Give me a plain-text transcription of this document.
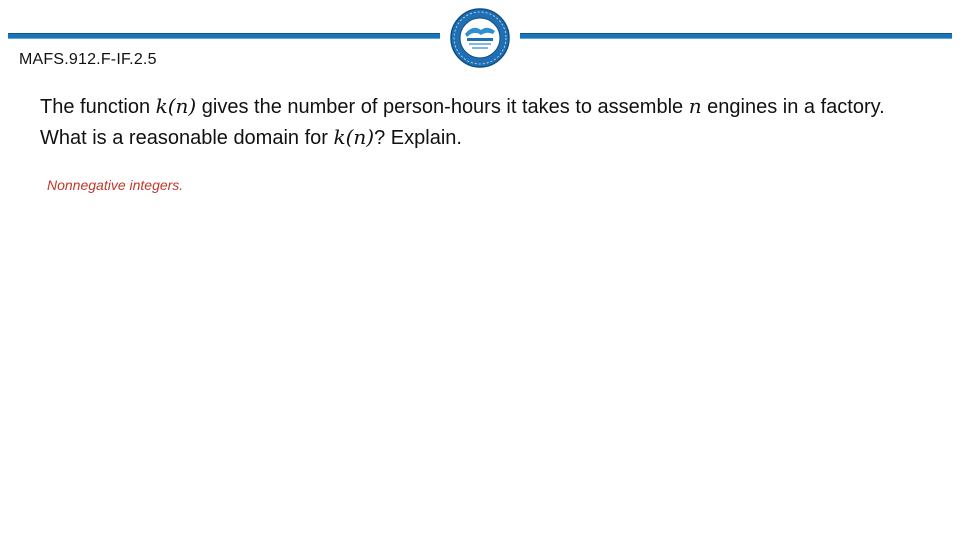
MAFS.912.F-IF.2.5

The function k(n) gives the number of person-hours it takes to assemble n engines in a factory. What is a reasonable domain for k(n)? Explain.

Nonnegative integers.
